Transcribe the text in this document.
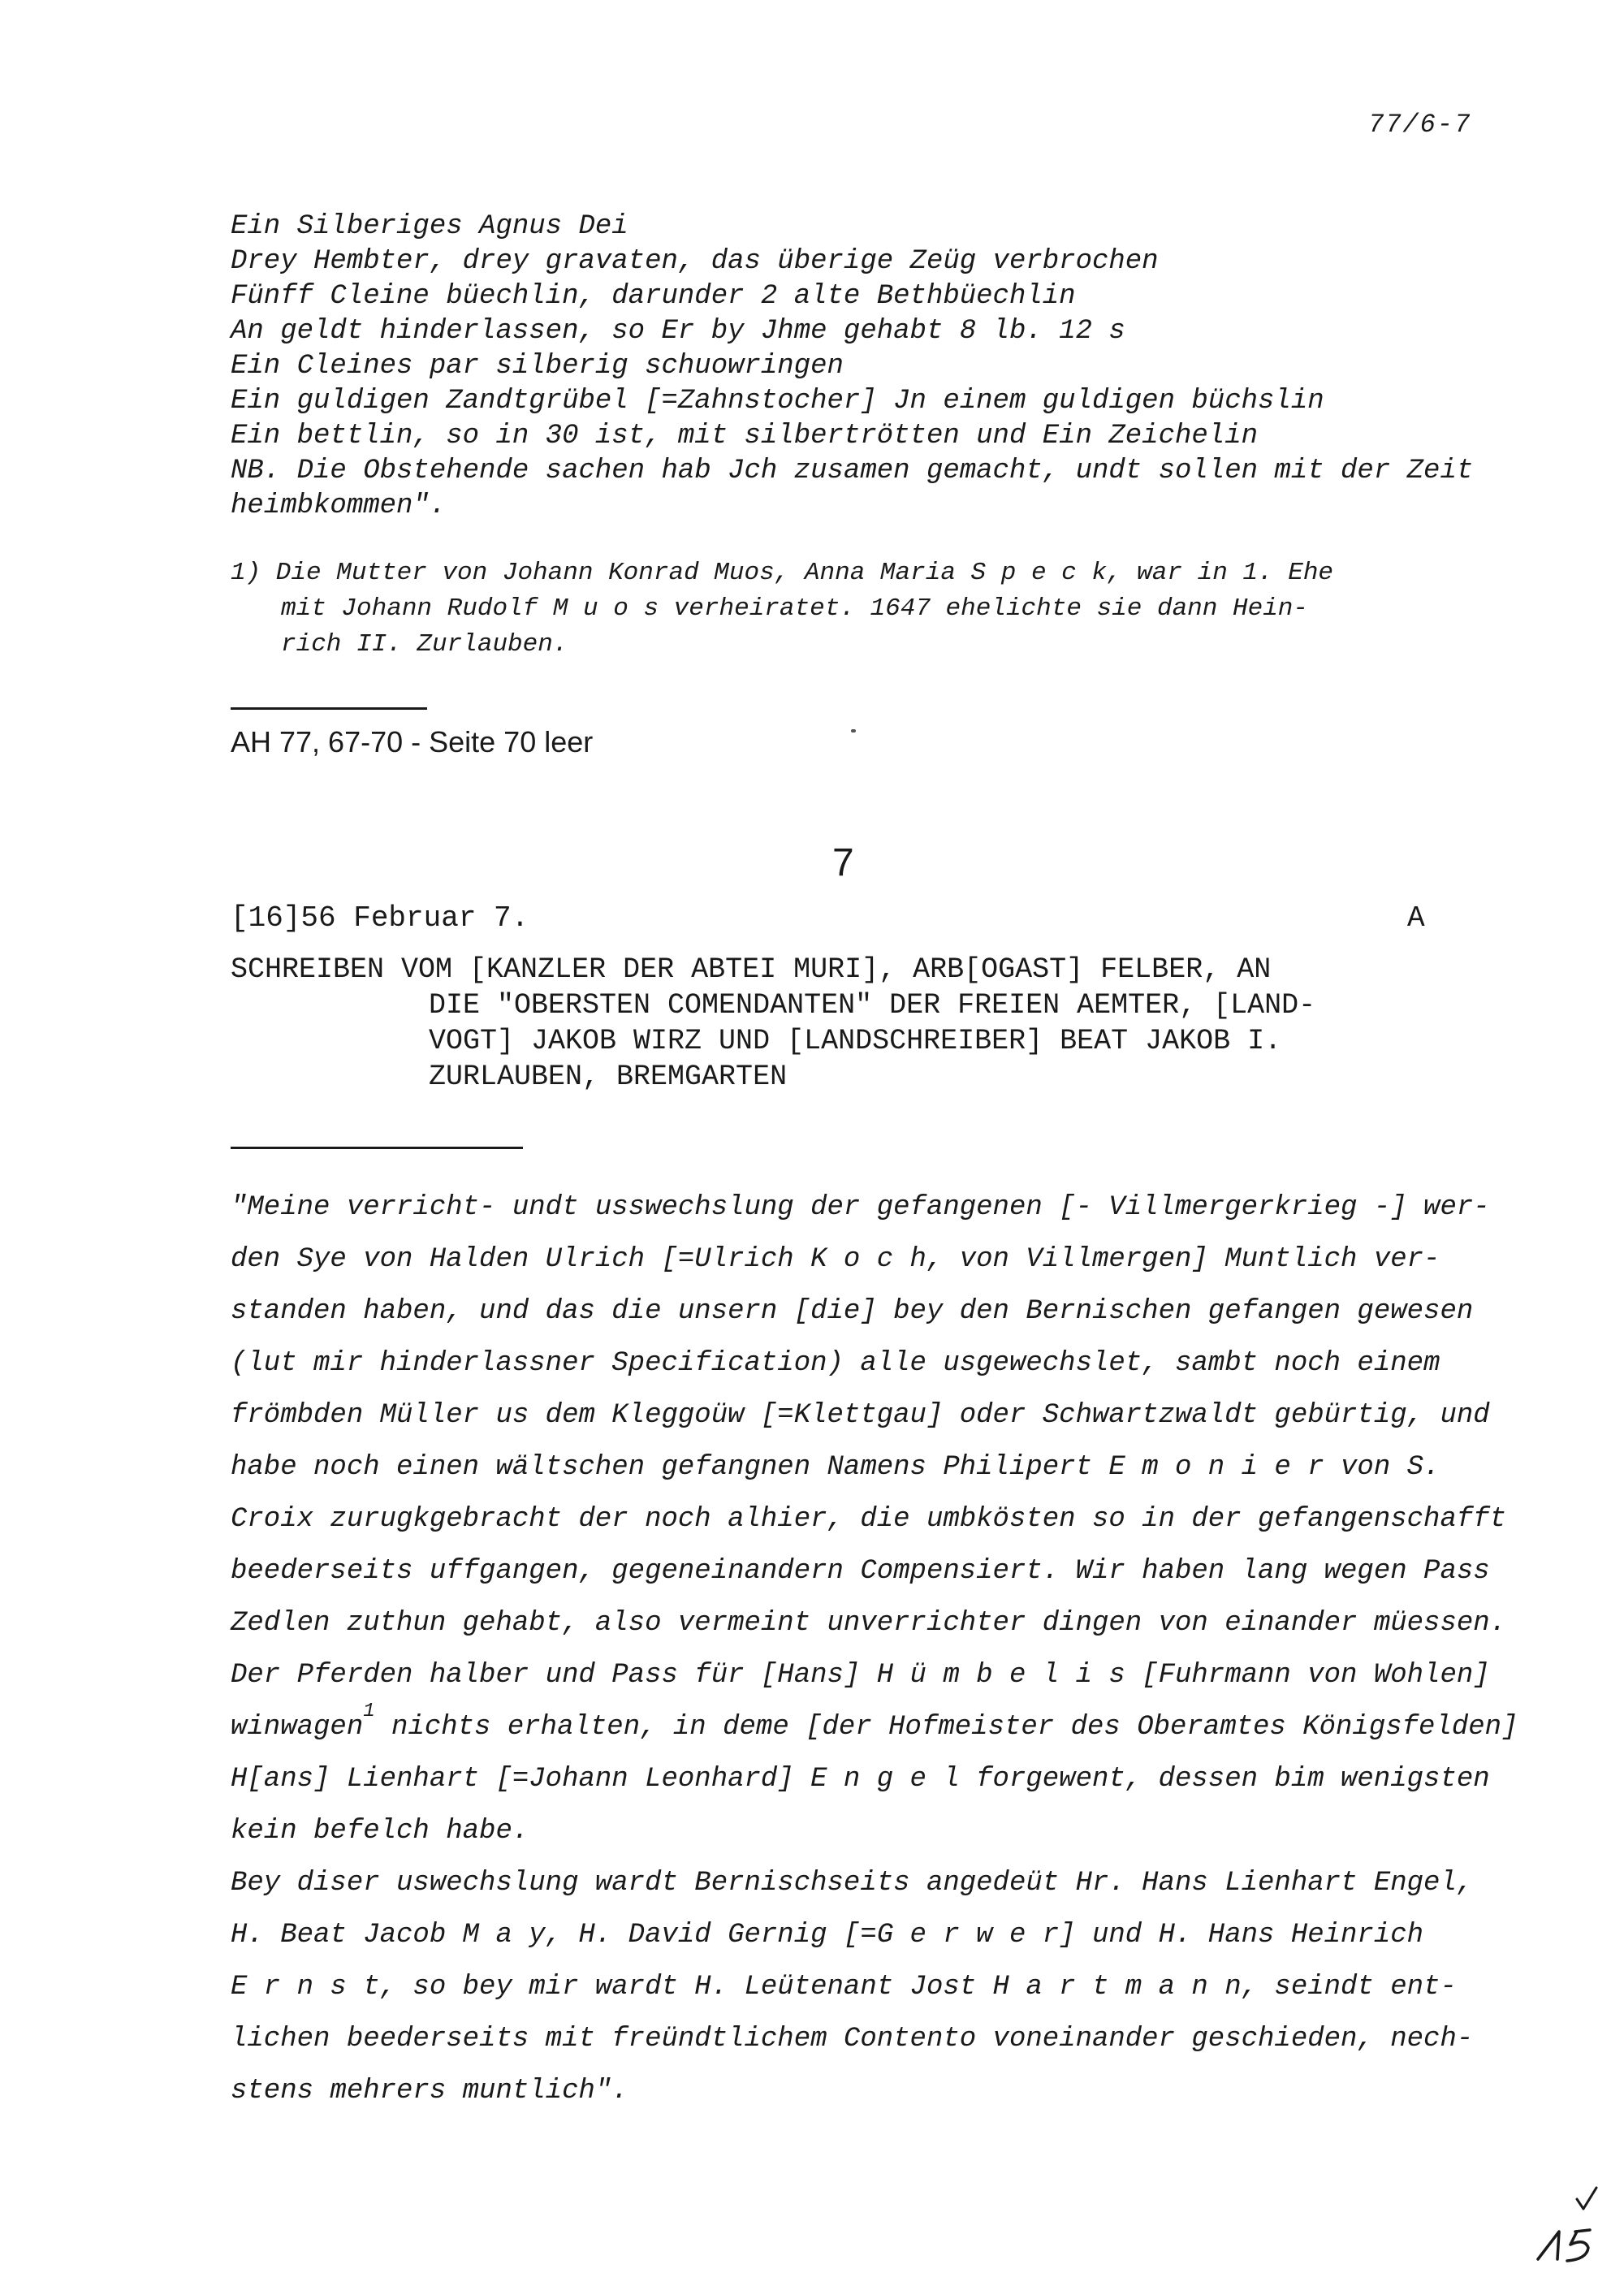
77/6-7
Ein Silberiges Agnus Dei
Drey Hembter, drey gravaten, das überige Zeüg verbrochen
Fünff Cleine büechlin, darunder 2 alte Bethbüechlin
An geldt hinderlassen, so Er by Jhme gehabt 8 lb. 12 s
Ein Cleines par silberig schuowringen
Ein guldigen Zandtgrübel [=Zahnstocher] Jn einem guldigen büchslin
Ein bettlin, so in 30 ist, mit silbertrötten und Ein Zeichelin
NB. Die Obstehende sachen hab Jch zusamen gemacht, undt sollen mit der Zeit
heimbkommen".
1) Die Mutter von Johann Konrad Muos, Anna Maria S p e c k, war in 1. Ehe
mit Johann Rudolf M u o s verheiratet. 1647 ehelichte sie dann Hein-
rich II. Zurlauben.
AH 77, 67-70 - Seite 70 leer
7
[16]56 Februar 7.	A
SCHREIBEN VOM [KANZLER DER ABTEI MURI], ARB[OGAST] FELBER, AN
DIE "OBERSTEN COMENDANTEN" DER FREIEN AEMTER, [LAND-
VOGT] JAKOB WIRZ UND [LANDSCHREIBER] BEAT JAKOB I.
ZURLAUBEN, BREMGARTEN
"Meine verricht- undt usswechslung der gefangenen [- Villmergerkrieg -] wer-
den Sye von Halden Ulrich [=Ulrich K o c h, von Villmergen] Muntlich ver-
standen haben, und das die unsern [die] bey den Bernischen gefangen gewesen
(lut mir hinderlassner Specification) alle usgewechslet, sambt noch einem
frömbden Müller us dem Kleggoüw [=Klettgau] oder Schwartzwaldt gebürtig, und
habe noch einen wältschen gefangnen Namens Philipert E m o n i e r von S.
Croix zurugkgebracht der noch alhier, die umbkösten so in der gefangenschafft
beederseits uffgangen, gegeneinandern Compensiert. Wir haben lang wegen Pass
Zedlen zuthun gehabt, also vermeint unverrichter dingen von einander müessen.
Der Pferden halber und Pass für [Hans] H ü m b e l i s [Fuhrmann von Wohlen]
winwagen$^1$ nichts erhalten, in deme [der Hofmeister des Oberamtes Königsfelden]
H[ans] Lienhart [=Johann Leonhard] E n g e l forgewent, dessen bim wenigsten
kein befelch habe.
Bey diser uswechslung wardt Bernischseits angedeüt Hr. Hans Lienhart Engel,
H. Beat Jacob M a y, H. David Gernig [=G e r w e r] und H. Hans Heinrich
E r n s t, so bey mir wardt H. Leütenant Jost H a r t m a n n, seindt ent-
lichen beederseits mit freündtlichem Contento voneinander geschieden, nech-
stens mehrers muntlich".
